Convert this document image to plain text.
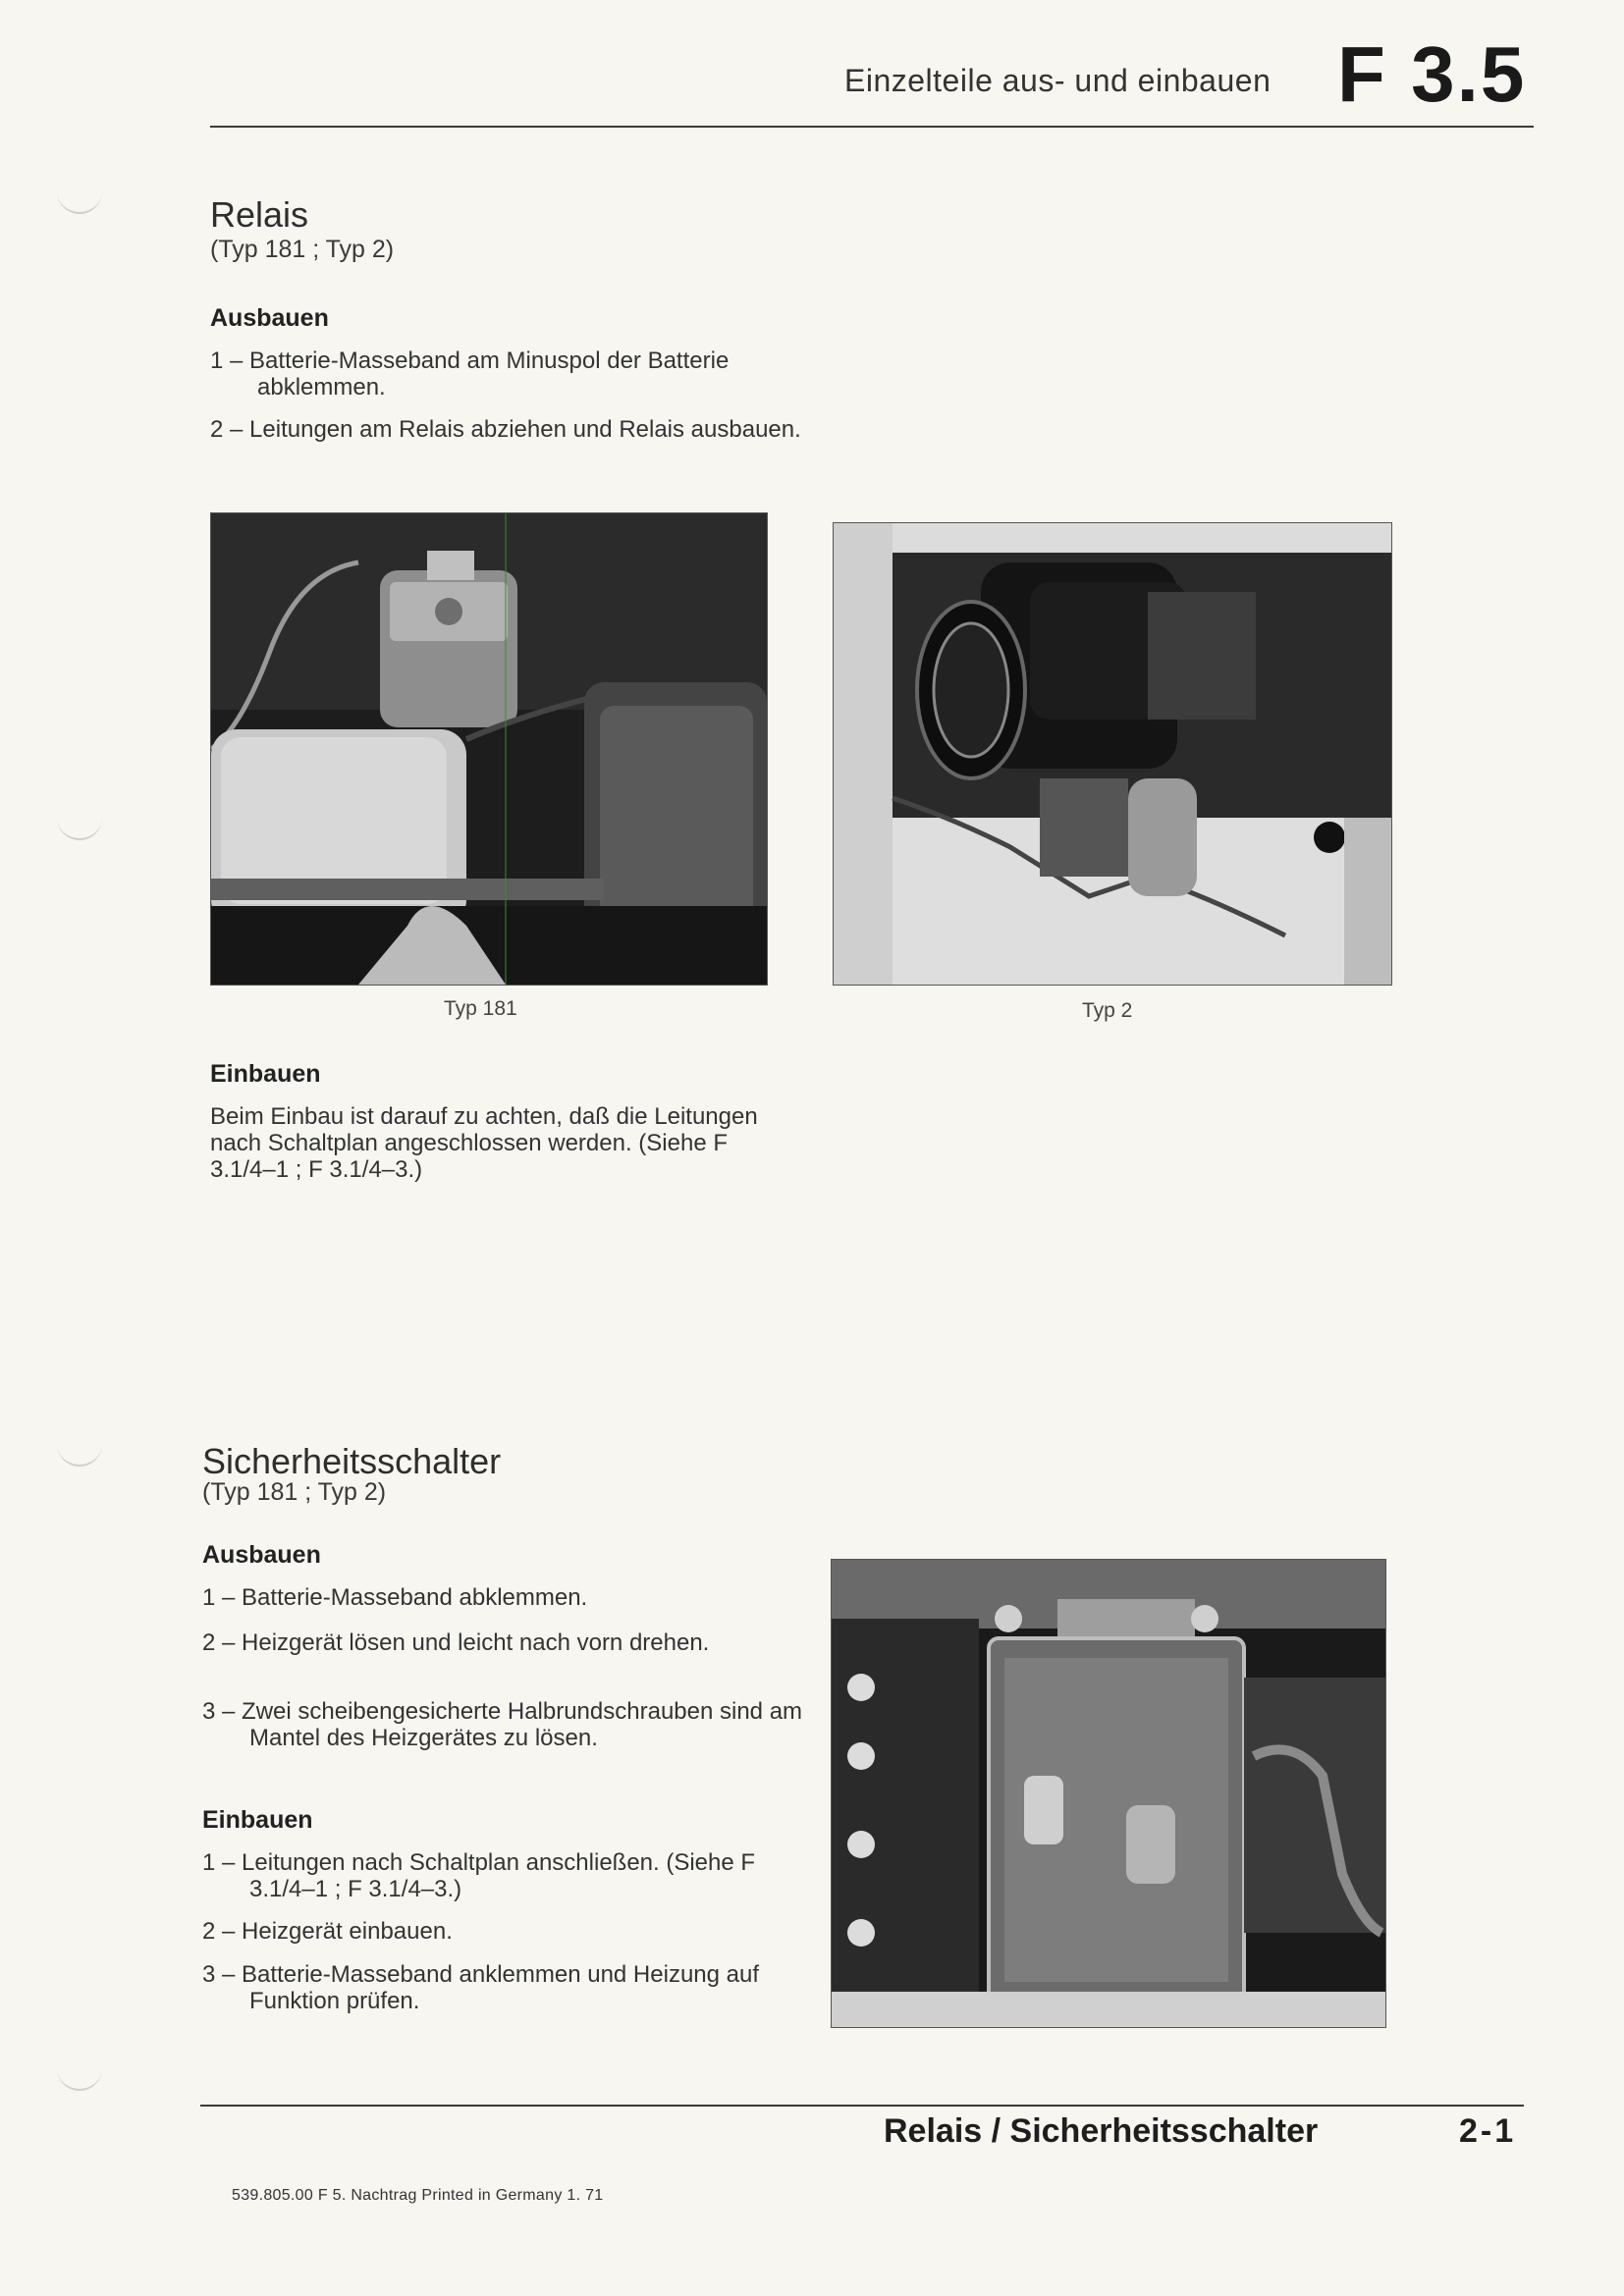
Einzelteile aus- und einbauen F 3.5
Relais
(Typ 181 ; Typ 2)
Ausbauen
1 – Batterie-Masseband am Minuspol der Batterie abklemmen.
2 – Leitungen am Relais abziehen und Relais ausbauen.
Typ 181	Typ 2
Einbauen
Beim Einbau ist darauf zu achten, daß die Leitungen nach Schaltplan angeschlossen werden. (Siehe F 3.1/4–1 ; F 3.1/4–3.)
Sicherheitsschalter
(Typ 181 ; Typ 2)
Ausbauen
1 – Batterie-Masseband abklemmen.
2 – Heizgerät lösen und leicht nach vorn drehen.
3 – Zwei scheibengesicherte Halbrundschrauben sind am Mantel des Heizgerätes zu lösen.
Einbauen
1 – Leitungen nach Schaltplan anschließen. (Siehe F 3.1/4–1 ; F 3.1/4–3.)
2 – Heizgerät einbauen.
3 – Batterie-Masseband anklemmen und Heizung auf Funktion prüfen.
Relais / Sicherheitsschalter	2-1
539.805.00 F 5. Nachtrag Printed in Germany 1. 71
